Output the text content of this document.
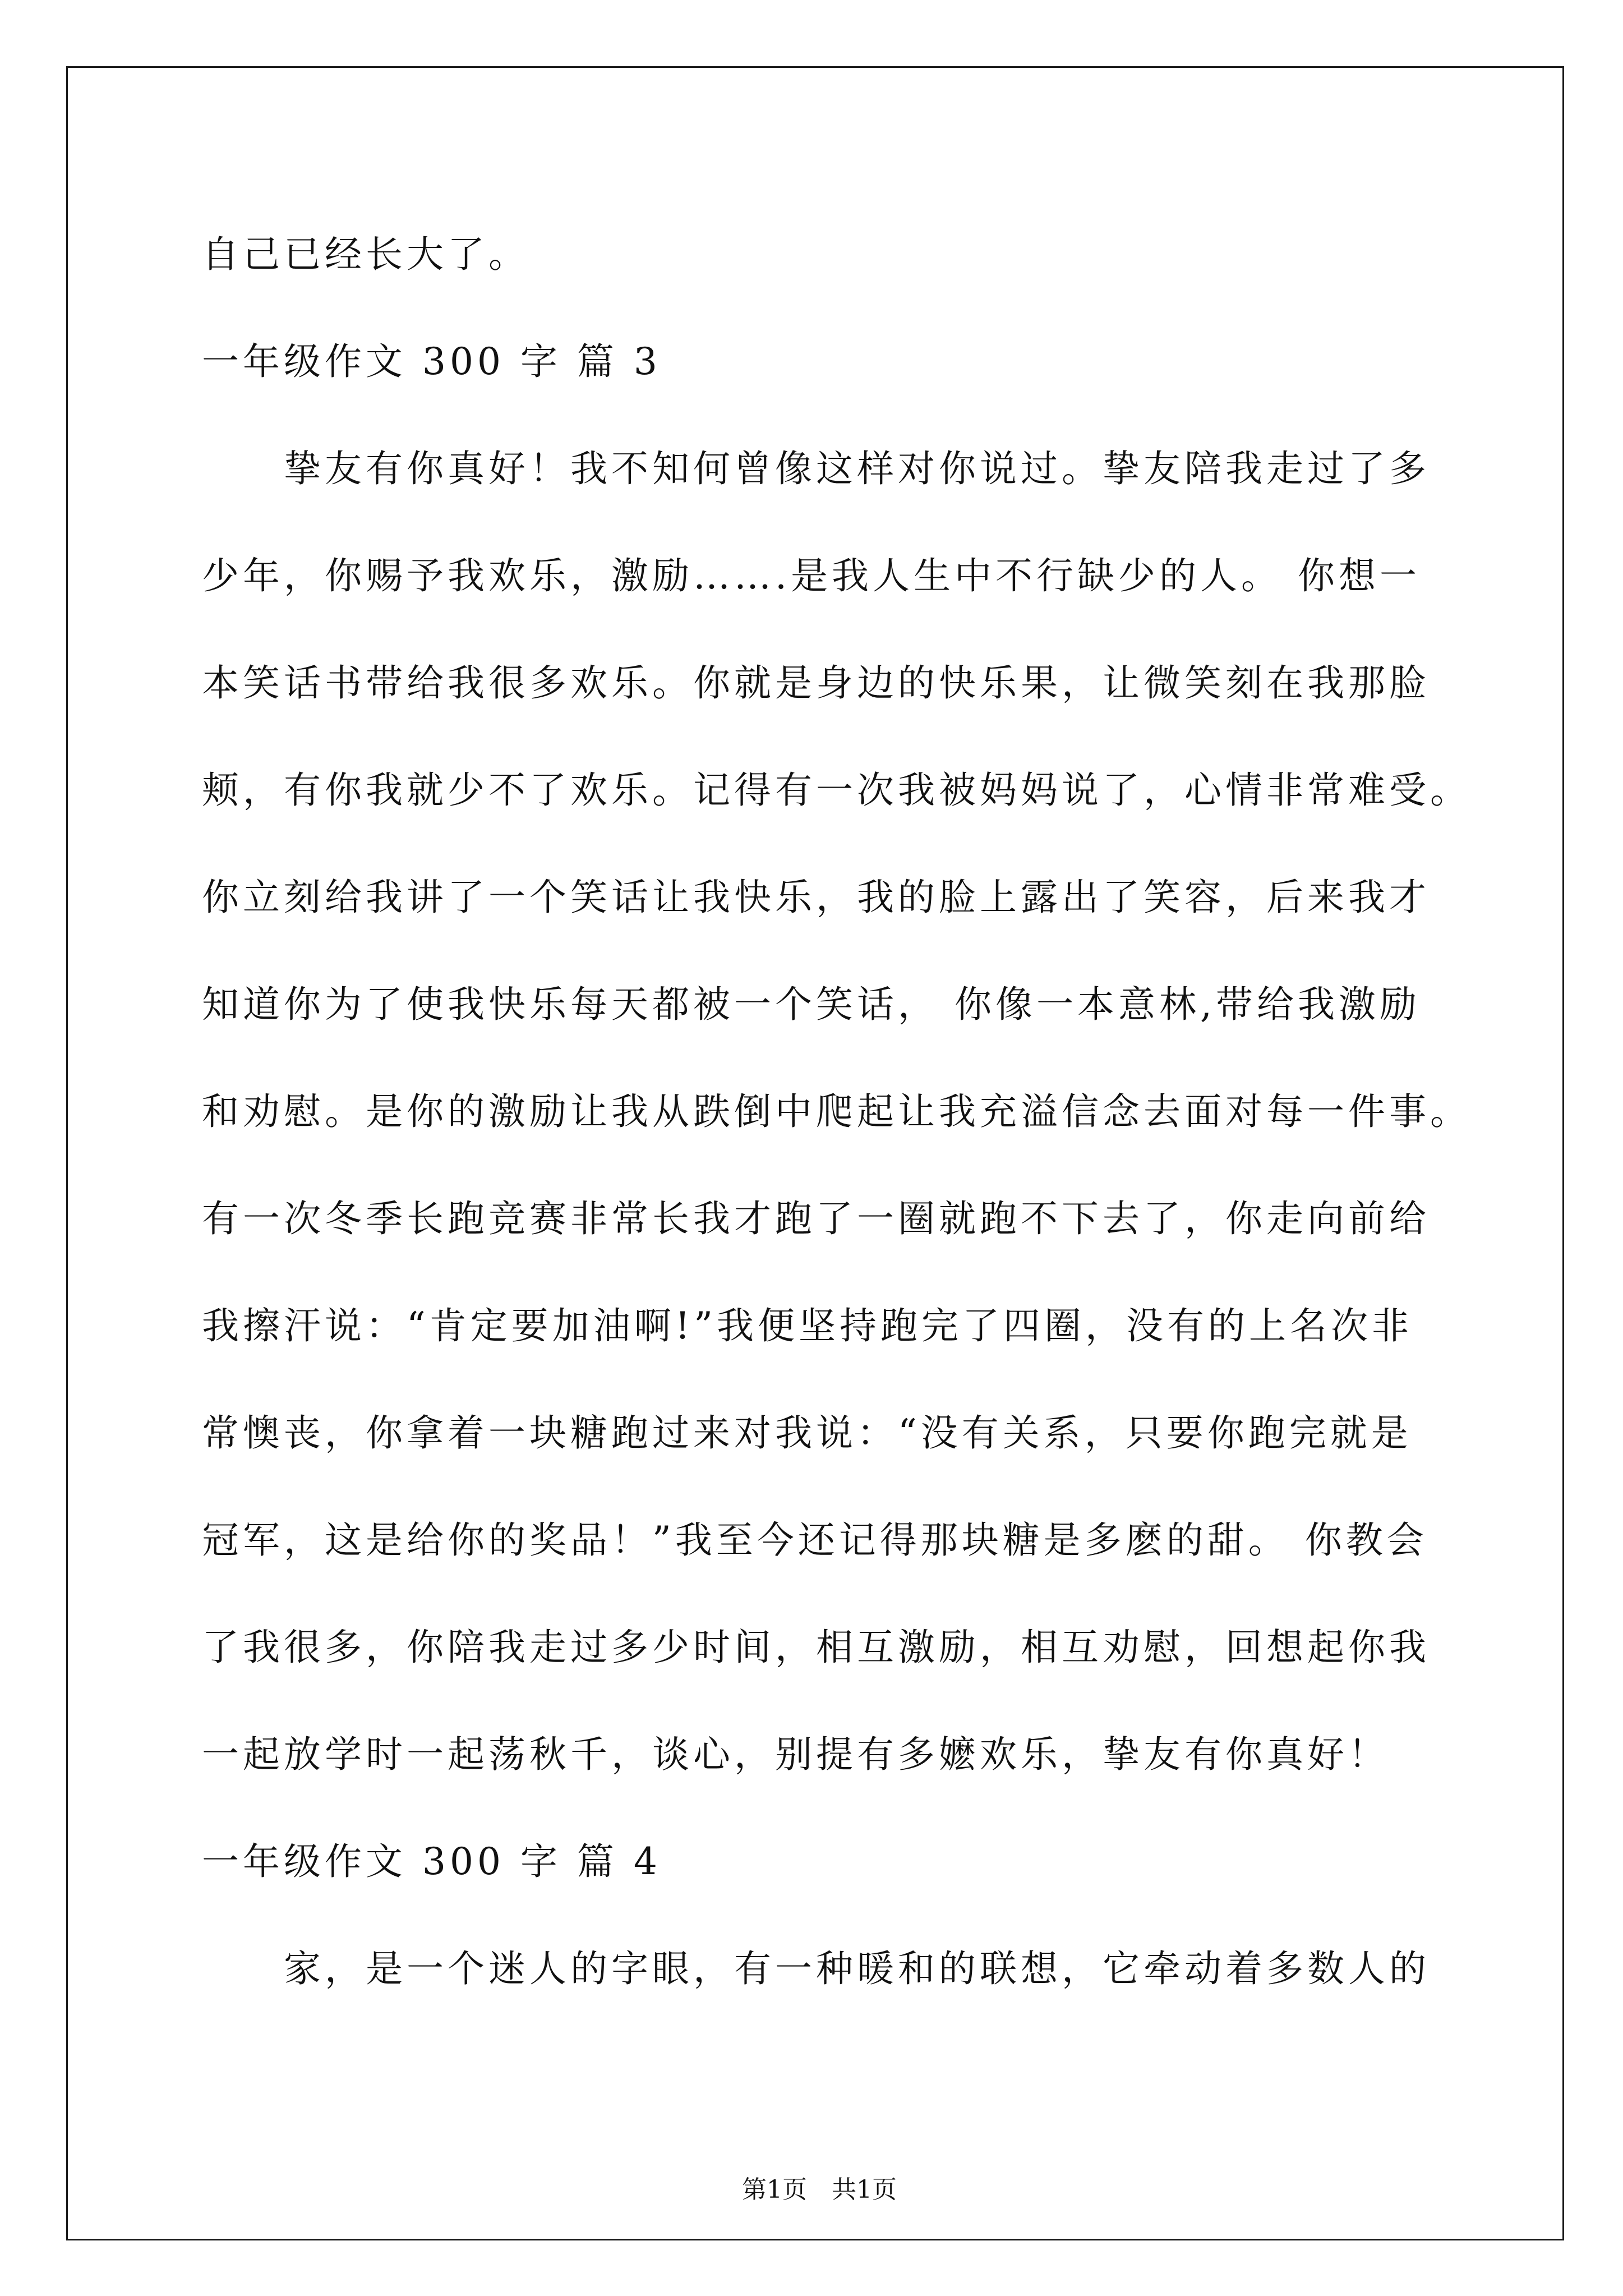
自己已经长大了。
一年级作文 300 字 篇 3
挚友有你真好！我不知何曾像这样对你说过。挚友陪我走过了多
少年，你赐予我欢乐，激励…….是我人生中不行缺少的人。 你想一
本笑话书带给我很多欢乐。你就是身边的快乐果，让微笑刻在我那脸
颊，有你我就少不了欢乐。记得有一次我被妈妈说了，心情非常难受。
你立刻给我讲了一个笑话让我快乐，我的脸上露出了笑容，后来我才
知道你为了使我快乐每天都被一个笑话， 你像一本意林,带给我激励
和劝慰。是你的激励让我从跌倒中爬起让我充溢信念去面对每一件事。
有一次冬季长跑竞赛非常长我才跑了一圈就跑不下去了，你走向前给
我擦汗说：“肯定要加油啊!”我便坚持跑完了四圈，没有的上名次非
常懊丧，你拿着一块糖跑过来对我说：“没有关系，只要你跑完就是
冠军，这是给你的奖品！”我至今还记得那块糖是多麽的甜。 你教会
了我很多，你陪我走过多少时间，相互激励，相互劝慰，回想起你我
一起放学时一起荡秋千，谈心，别提有多嬷欢乐，挚友有你真好！
一年级作文 300 字 篇 4
家，是一个迷人的字眼，有一种暖和的联想，它牵动着多数人的

第1页 共1页
